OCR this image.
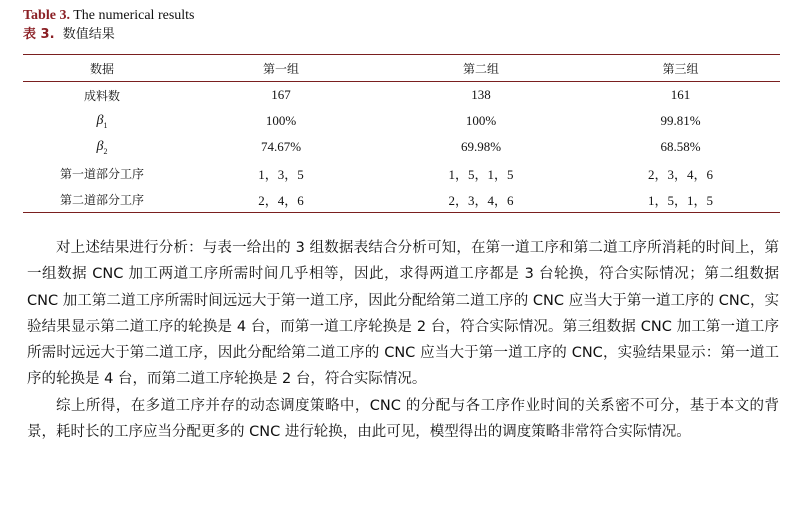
Table 3. The numerical results
表 3.  数值结果
数据	第一组	第二组	第三组
成料数	167	138	161
$\beta_1$	100%	100%	99.81%
$\beta_2$	74.67%	69.98%	68.58%
第一道部分工序	1，3，5	1，5，1，5	2，3，4，6
第二道部分工序	2，4，6	2，3，4，6	1，5，1，5

对上述结果进行分析：与表一给出的 3 组数据表结合分析可知，在第一道工序和第二道工序所消耗的时间上，第一组数据 CNC 加工两道工序所需时间几乎相等，因此，求得两道工序都是 3 台轮换，符合实际情况；第二组数据 CNC 加工第二道工序所需时间远远大于第一道工序，因此分配给第二道工序的 CNC 应当大于第一道工序的 CNC，实验结果显示第二道工序的轮换是 4 台，而第一道工序轮换是 2 台，符合实际情况。第三组数据 CNC 加工第一道工序所需时远远大于第二道工序，因此分配给第二道工序的 CNC 应当大于第一道工序的 CNC，实验结果显示：第一道工序的轮换是 4 台，而第二道工序轮换是 2 台，符合实际情况。

综上所得，在多道工序并存的动态调度策略中，CNC 的分配与各工序作业时间的关系密不可分，基于本文的背景，耗时长的工序应当分配更多的 CNC 进行轮换，由此可见，模型得出的调度策略非常符合实际情况。
